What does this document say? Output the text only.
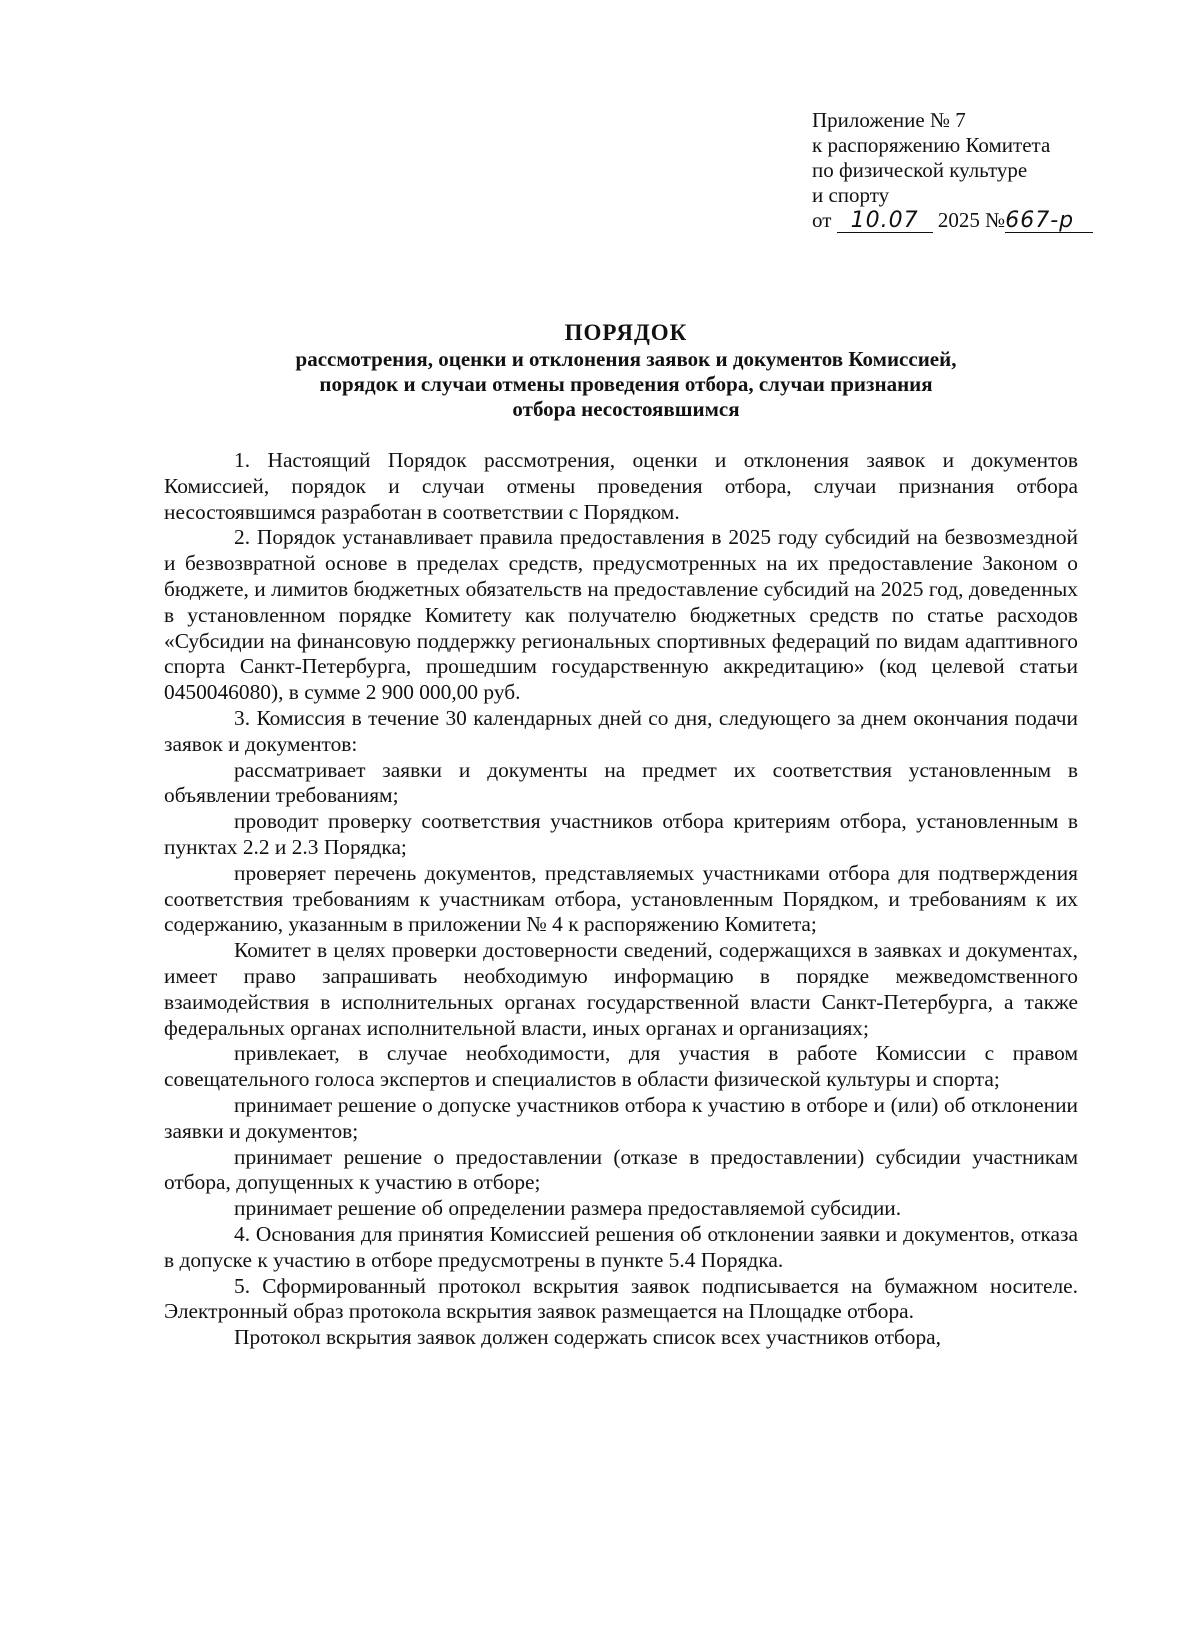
Приложение № 7
к распоряжению Комитета
по физической культуре
и спорту
от 10.07 2025 №667-р
ПОРЯДОК
рассмотрения, оценки и отклонения заявок и документов Комиссией,
порядок и случаи отмены проведения отбора, случаи признания
отбора несостоявшимся

1. Настоящий Порядок рассмотрения, оценки и отклонения заявок и документов Комиссией, порядок и случаи отмены проведения отбора, случаи признания отбора несостоявшимся разработан в соответствии с Порядком.

2. Порядок устанавливает правила предоставления в 2025 году субсидий на безвозмездной и безвозвратной основе в пределах средств, предусмотренных на их предоставление Законом о бюджете, и лимитов бюджетных обязательств на предоставление субсидий на 2025 год, доведенных в установленном порядке Комитету как получателю бюджетных средств по статье расходов «Субсидии на финансовую поддержку региональных спортивных федераций по видам адаптивного спорта Санкт-Петербурга, прошедшим государственную аккредитацию» (код целевой статьи 0450046080), в сумме 2 900 000,00 руб.

3. Комиссия в течение 30 календарных дней со дня, следующего за днем окончания подачи заявок и документов:

рассматривает заявки и документы на предмет их соответствия установленным в объявлении требованиям;

проводит проверку соответствия участников отбора критериям отбора, установленным в пунктах 2.2 и 2.3 Порядка;

проверяет перечень документов, представляемых участниками отбора для подтверждения соответствия требованиям к участникам отбора, установленным Порядком, и требованиям к их содержанию, указанным в приложении № 4 к распоряжению Комитета;

Комитет в целях проверки достоверности сведений, содержащихся в заявках и документах, имеет право запрашивать необходимую информацию в порядке межведомственного взаимодействия в исполнительных органах государственной власти Санкт-Петербурга, а также федеральных органах исполнительной власти, иных органах и организациях;

привлекает, в случае необходимости, для участия в работе Комиссии с правом совещательного голоса экспертов и специалистов в области физической культуры и спорта;

принимает решение о допуске участников отбора к участию в отборе и (или) об отклонении заявки и документов;

принимает решение о предоставлении (отказе в предоставлении) субсидии участникам отбора, допущенных к участию в отборе;

принимает решение об определении размера предоставляемой субсидии.

4. Основания для принятия Комиссией решения об отклонении заявки и документов, отказа в допуске к участию в отборе предусмотрены в пункте 5.4 Порядка.

5. Сформированный протокол вскрытия заявок подписывается на бумажном носителе. Электронный образ протокола вскрытия заявок размещается на Площадке отбора.

Протокол вскрытия заявок должен содержать список всех участников отбора,
